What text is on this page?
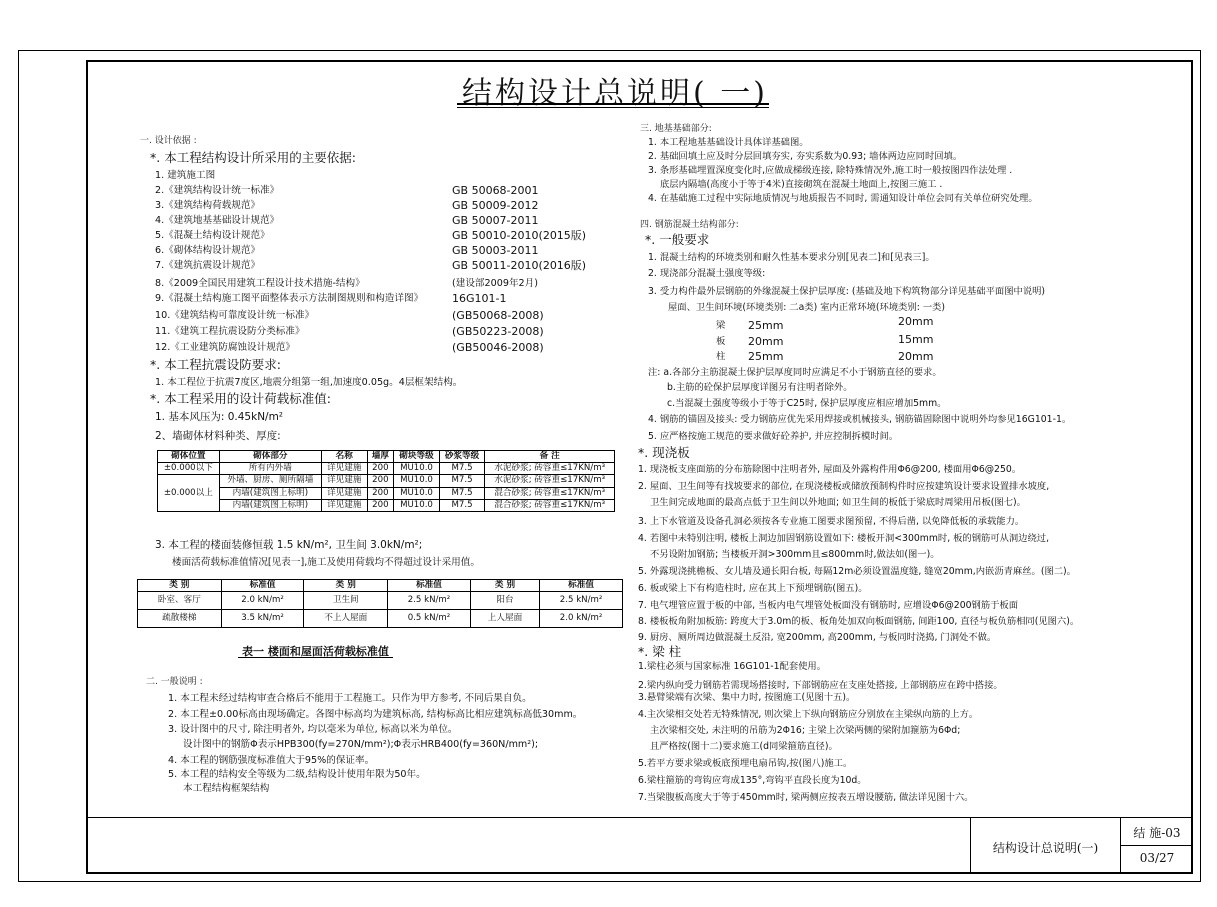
结构设计总说明( 一)
一. 设计依据 :
*. 本工程结构设计所采用的主要依据:
1. 建筑施工图
2.《建筑结构设计统一标准》	GB 50068-2001
3.《建筑结构荷载规范》	GB 50009-2012
4.《建筑地基基础设计规范》	GB 50007-2011
5.《混凝土结构设计规范》	GB 50010-2010(2015版)
6.《砌体结构设计规范》	GB 50003-2011
7.《建筑抗震设计规范》	GB 50011-2010(2016版)
8.《2009全国民用建筑工程设计技术措施-结构》	(建设部2009年2月)
9.《混凝土结构施工图平面整体表示方法制图规则和构造详图》	16G101-1
10.《建筑结构可靠度设计统一标准》	(GB50068-2008)
11.《建筑工程抗震设防分类标准》	(GB50223-2008)
12.《工业建筑防腐蚀设计规范》	(GB50046-2008)
*. 本工程抗震设防要求:
1. 本工程位于抗震7度区,地震分组第一组,加速度0.05g。4层框架结构。
*. 本工程采用的设计荷载标准值:
1. 基本风压为: 0.45kN/m²
2、墙砌体材料种类、厚度:
砌体位置	砌体部分	名称	墙厚	砌块等级	砂浆等级	备 注
±0.000以下	所有内外墙	详见建施	200	MU10.0	M7.5	水泥砂浆; 砖容重≤17KN/m³
±0.000以上	外墙、厨房、厕所隔墙	详见建施	200	MU10.0	M7.5	水泥砂浆; 砖容重≤17KN/m³
	内墙(建筑图上标明)	详见建施	200	MU10.0	M7.5	混合砂浆; 砖容重≤17KN/m³
	内墙(建筑图上标明)	详见建施	200	MU10.0	M7.5	混合砂浆; 砖容重≤17KN/m³
3. 本工程的楼面装修恒载 1.5 kN/m², 卫生间 3.0kN/m²;
楼面活荷载标准值情况[见表一],施工及使用荷载均不得超过设计采用值。
类 别	标准值	类 别	标准值	类 别	标准值
卧室、客厅	2.0 kN/m²	卫生间	2.5 kN/m²	阳台	2.5 kN/m²
疏散楼梯	3.5 kN/m²	不上人屋面	0.5 kN/m²	上人屋面	2.0 kN/m²
表一 楼面和屋面活荷载标准值
二. 一般说明 :
1. 本工程未经过结构审查合格后不能用于工程施工。只作为甲方参考, 不同后果自负。
2. 本工程±0.00标高由现场确定。各图中标高均为建筑标高, 结构标高比相应建筑标高低30mm。
3. 设计图中的尺寸, 除注明者外, 均以毫米为单位, 标高以米为单位。
设计图中的钢筋Φ表示HPB300(fy=270N/mm²);Φ表示HRB400(fy=360N/mm²);
4. 本工程的钢筋强度标准值大于95%的保证率。
5. 本工程的结构安全等级为二级,结构设计使用年限为50年。
本工程结构框架结构
三. 地基基础部分:
1. 本工程地基基础设计具体详基础图。
2. 基础回填土应及时分层回填夯实, 夯实系数为0.93; 墙体两边应同时回填。
3. 条形基础埋置深度变化时,应做成梯级连接, 除特殊情况外,施工时一般按图四作法处理 .
底层内隔墙(高度小于等于4米)直接砌筑在混凝土地面上,按图三施工 .
4. 在基础施工过程中实际地质情况与地质报告不同时, 需通知设计单位会同有关单位研究处理。
四. 钢筋混凝土结构部分:
*. 一般要求
1. 混凝土结构的环境类别和耐久性基本要求分别[见表二]和[见表三]。
2. 现浇部分混凝土强度等级:
3. 受力构件最外层钢筋的外缘混凝土保护层厚度: (基础及地下构筑物部分详见基础平面图中说明)
屋面、卫生间环境(环境类别: 二a类) 室内正常环境(环境类别: 一类)
梁 25mm	20mm
板 20mm	15mm
柱 25mm	20mm
注: a.各部分主筋混凝土保护层厚度同时应满足不小于钢筋直径的要求。
b.主筋的砼保护层厚度详图另有注明者除外。
c.当混凝土强度等级小于等于C25时, 保护层厚度应相应增加5mm。
4. 钢筋的锚固及接头: 受力钢筋应优先采用焊接或机械接头, 钢筋锚固除图中说明外均参见16G101-1。
5. 应严格按施工规范的要求做好砼养护, 并应控制拆模时间。
*. 现浇板
1. 现浇板支座面筋的分布筋除图中注明者外, 屋面及外露构件用Φ6@200, 楼面用Φ6@250。
2. 屋面、卫生间等有找坡要求的部位, 在现浇楼板或储放预制构件时应按建筑设计要求设置排水坡度,
卫生间完成地面的最高点低于卫生间以外地面; 如卫生间的板低于梁底时周梁用吊板(图七)。
3. 上下水管道及设备孔洞必须按各专业施工图要求图预留, 不得后凿, 以免降低板的承载能力。
4. 若图中未特别注明, 楼板上洞边加固钢筋设置如下: 楼板开洞<300mm时, 板的钢筋可从洞边绕过,
不另设附加钢筋; 当楼板开洞>300mm且≤800mm时,做法如(图一)。
5. 外露现浇挑檐板、女儿墙及通长阳台板, 每隔12m必须设置温度缝, 缝宽20mm,内嵌沥青麻丝。(图二)。
6. 板或梁上下有构造柱时, 应在其上下预埋钢筋(图五)。
7. 电气埋管应置于板的中部, 当板内电气埋管处板面没有钢筋时, 应增设Φ6@200钢筋于板面
8. 楼板板角附加板筋: 跨度大于3.0m的板、板角处加双向板面钢筋, 间距100, 直径与板负筋相同(见图六)。
9. 厨房、厕所周边做混凝土反沿, 宽200mm, 高200mm, 与板同时浇捣, 门洞处不做。
*. 梁 柱
1.梁柱必须与国家标准 16G101-1配套使用。
2.梁内纵向受力钢筋若需现场搭接时, 下部钢筋应在支座处搭接, 上部钢筋应在跨中搭接。
3.悬臂梁端有次梁、集中力时, 按图施工(见图十五)。
4.主次梁相交处若无特殊情况, 则次梁上下纵向钢筋应分别放在主梁纵向筋的上方。
主次梁相交处, 未注明的吊筋为2Φ16; 主梁上次梁两侧的梁附加箍筋为6Φd;
且严格按(图十二)要求施工(d同梁箍筋直径)。
5.若平方要求梁或板底预埋电扇吊钩,按(图八)施工。
6.梁柱箍筋的弯钩应弯成135°,弯钩平直段长度为10d。
7.当梁腹板高度大于等于450mm时, 梁两侧应按表五增设腰筋, 做法详见图十六。
结构设计总说明(一)
结 施-03
03/27
